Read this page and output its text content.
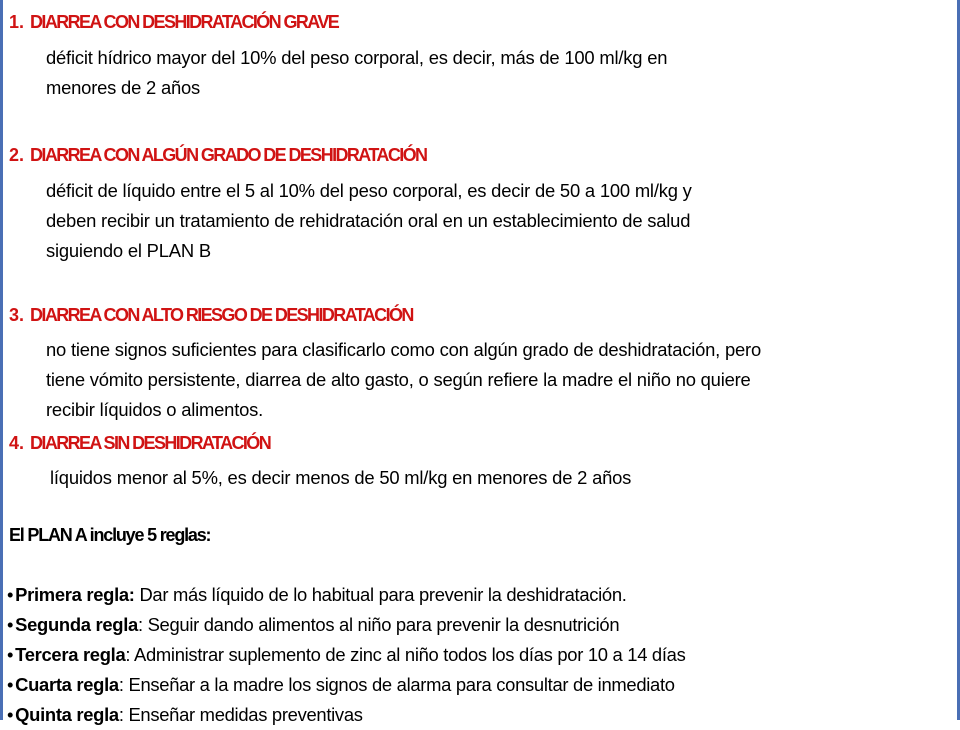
1. DIARREA CON DESHIDRATACIÓN GRAVE
déficit hídrico mayor del 10% del peso corporal, es decir, más de 100 ml/kg en
menores de 2 años
2. DIARREA CON ALGÚN GRADO DE DESHIDRATACIÓN
déficit de líquido entre el 5 al 10% del peso corporal, es decir de 50 a 100 ml/kg y
deben recibir un tratamiento de rehidratación oral en un establecimiento de salud
siguiendo el PLAN B
3. DIARREA CON ALTO RIESGO DE DESHIDRATACIÓN
no tiene signos suficientes para clasificarlo como con algún grado de deshidratación, pero
tiene vómito persistente, diarrea de alto gasto, o según refiere la madre el niño no quiere
recibir líquidos o alimentos.
4. DIARREA SIN DESHIDRATACIÓN
líquidos menor al 5%, es decir menos de 50 ml/kg en menores de 2 años
El PLAN A incluye 5 reglas:
• Primera regla: Dar más líquido de lo habitual para prevenir la deshidratación.
• Segunda regla: Seguir dando alimentos al niño para prevenir la desnutrición
• Tercera regla: Administrar suplemento de zinc al niño todos los días por 10 a 14 días
• Cuarta regla: Enseñar a la madre los signos de alarma para consultar de inmediato
• Quinta regla: Enseñar medidas preventivas
